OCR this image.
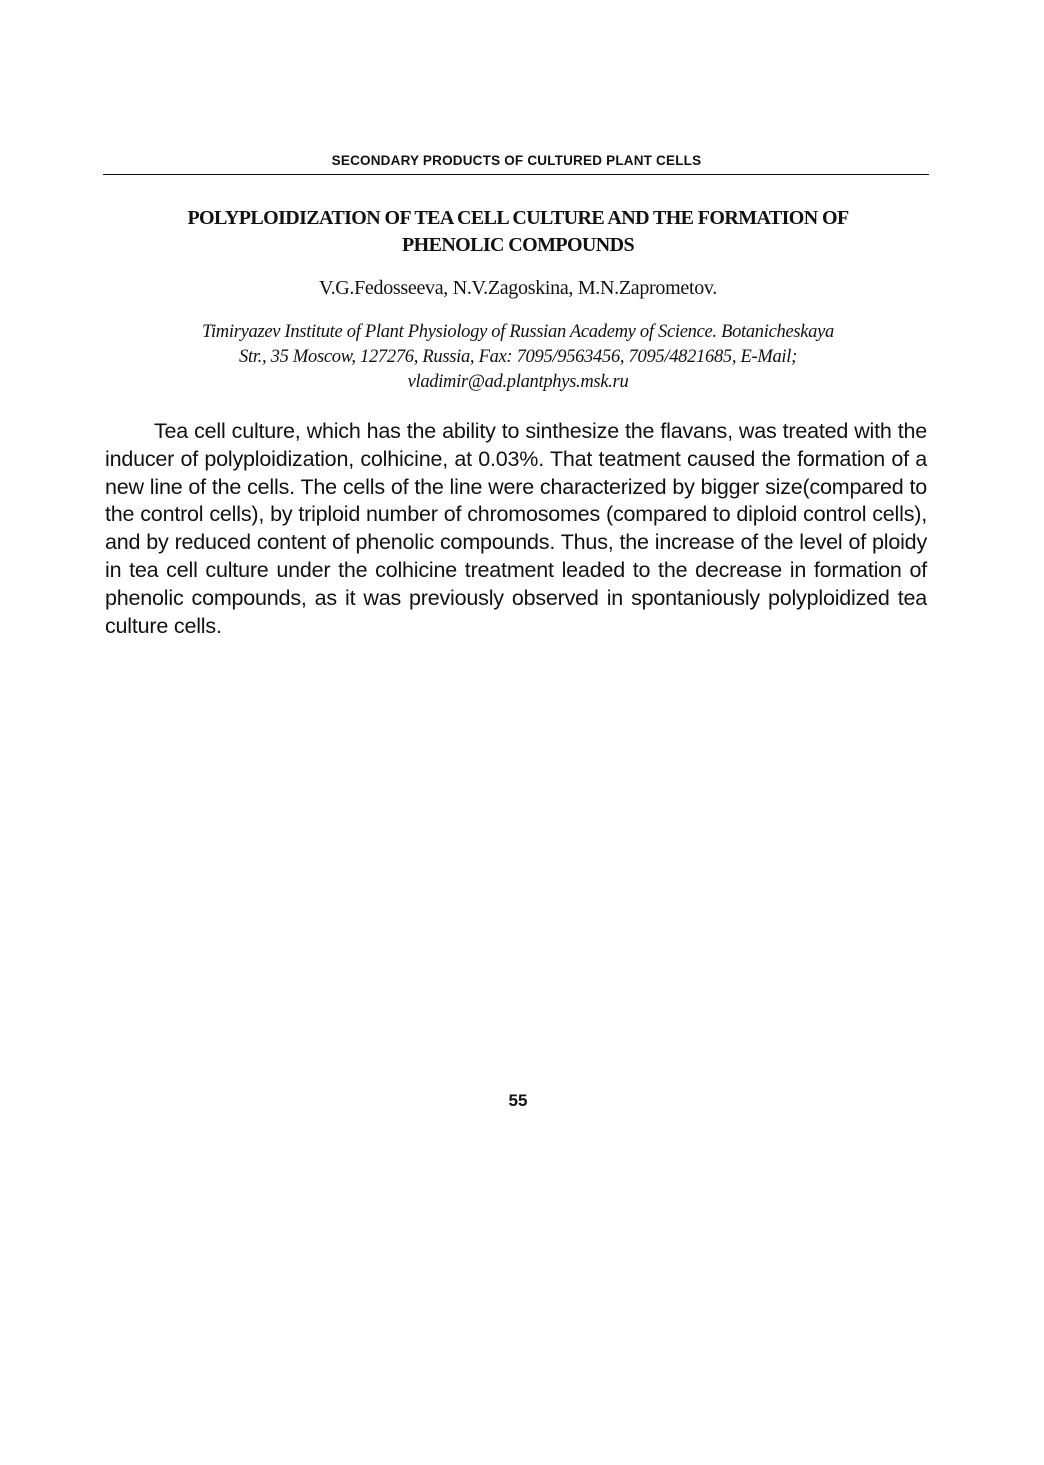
SECONDARY PRODUCTS OF CULTURED PLANT CELLS
POLYPLOIDIZATION OF TEA CELL CULTURE AND THE FORMATION OF
PHENOLIC COMPOUNDS
V.G.Fedosseeva, N.V.Zagoskina, M.N.Zaprometov.
Timiryazev Institute of Plant Physiology of Russian Academy of Science. Botanicheskaya
Str., 35 Moscow, 127276, Russia, Fax: 7095/9563456, 7095/4821685, E-Mail;
vladimir@ad.plantphys.msk.ru

Tea cell culture, which has the ability to sinthesize the flavans, was treated with the inducer of polyploidization, colhicine, at 0.03%. That teatment caused the formation of a new line of the cells. The cells of the line were characterized by bigger size(compared to the control cells), by triploid number of chromosomes (compared to diploid control cells), and by reduced content of phenolic compounds. Thus, the increase of the level of ploidy in tea cell culture under the colhicine treatment leaded to the decrease in formation of phenolic compounds, as it was previously observed in spontaniously polyploidized tea culture cells.

55
